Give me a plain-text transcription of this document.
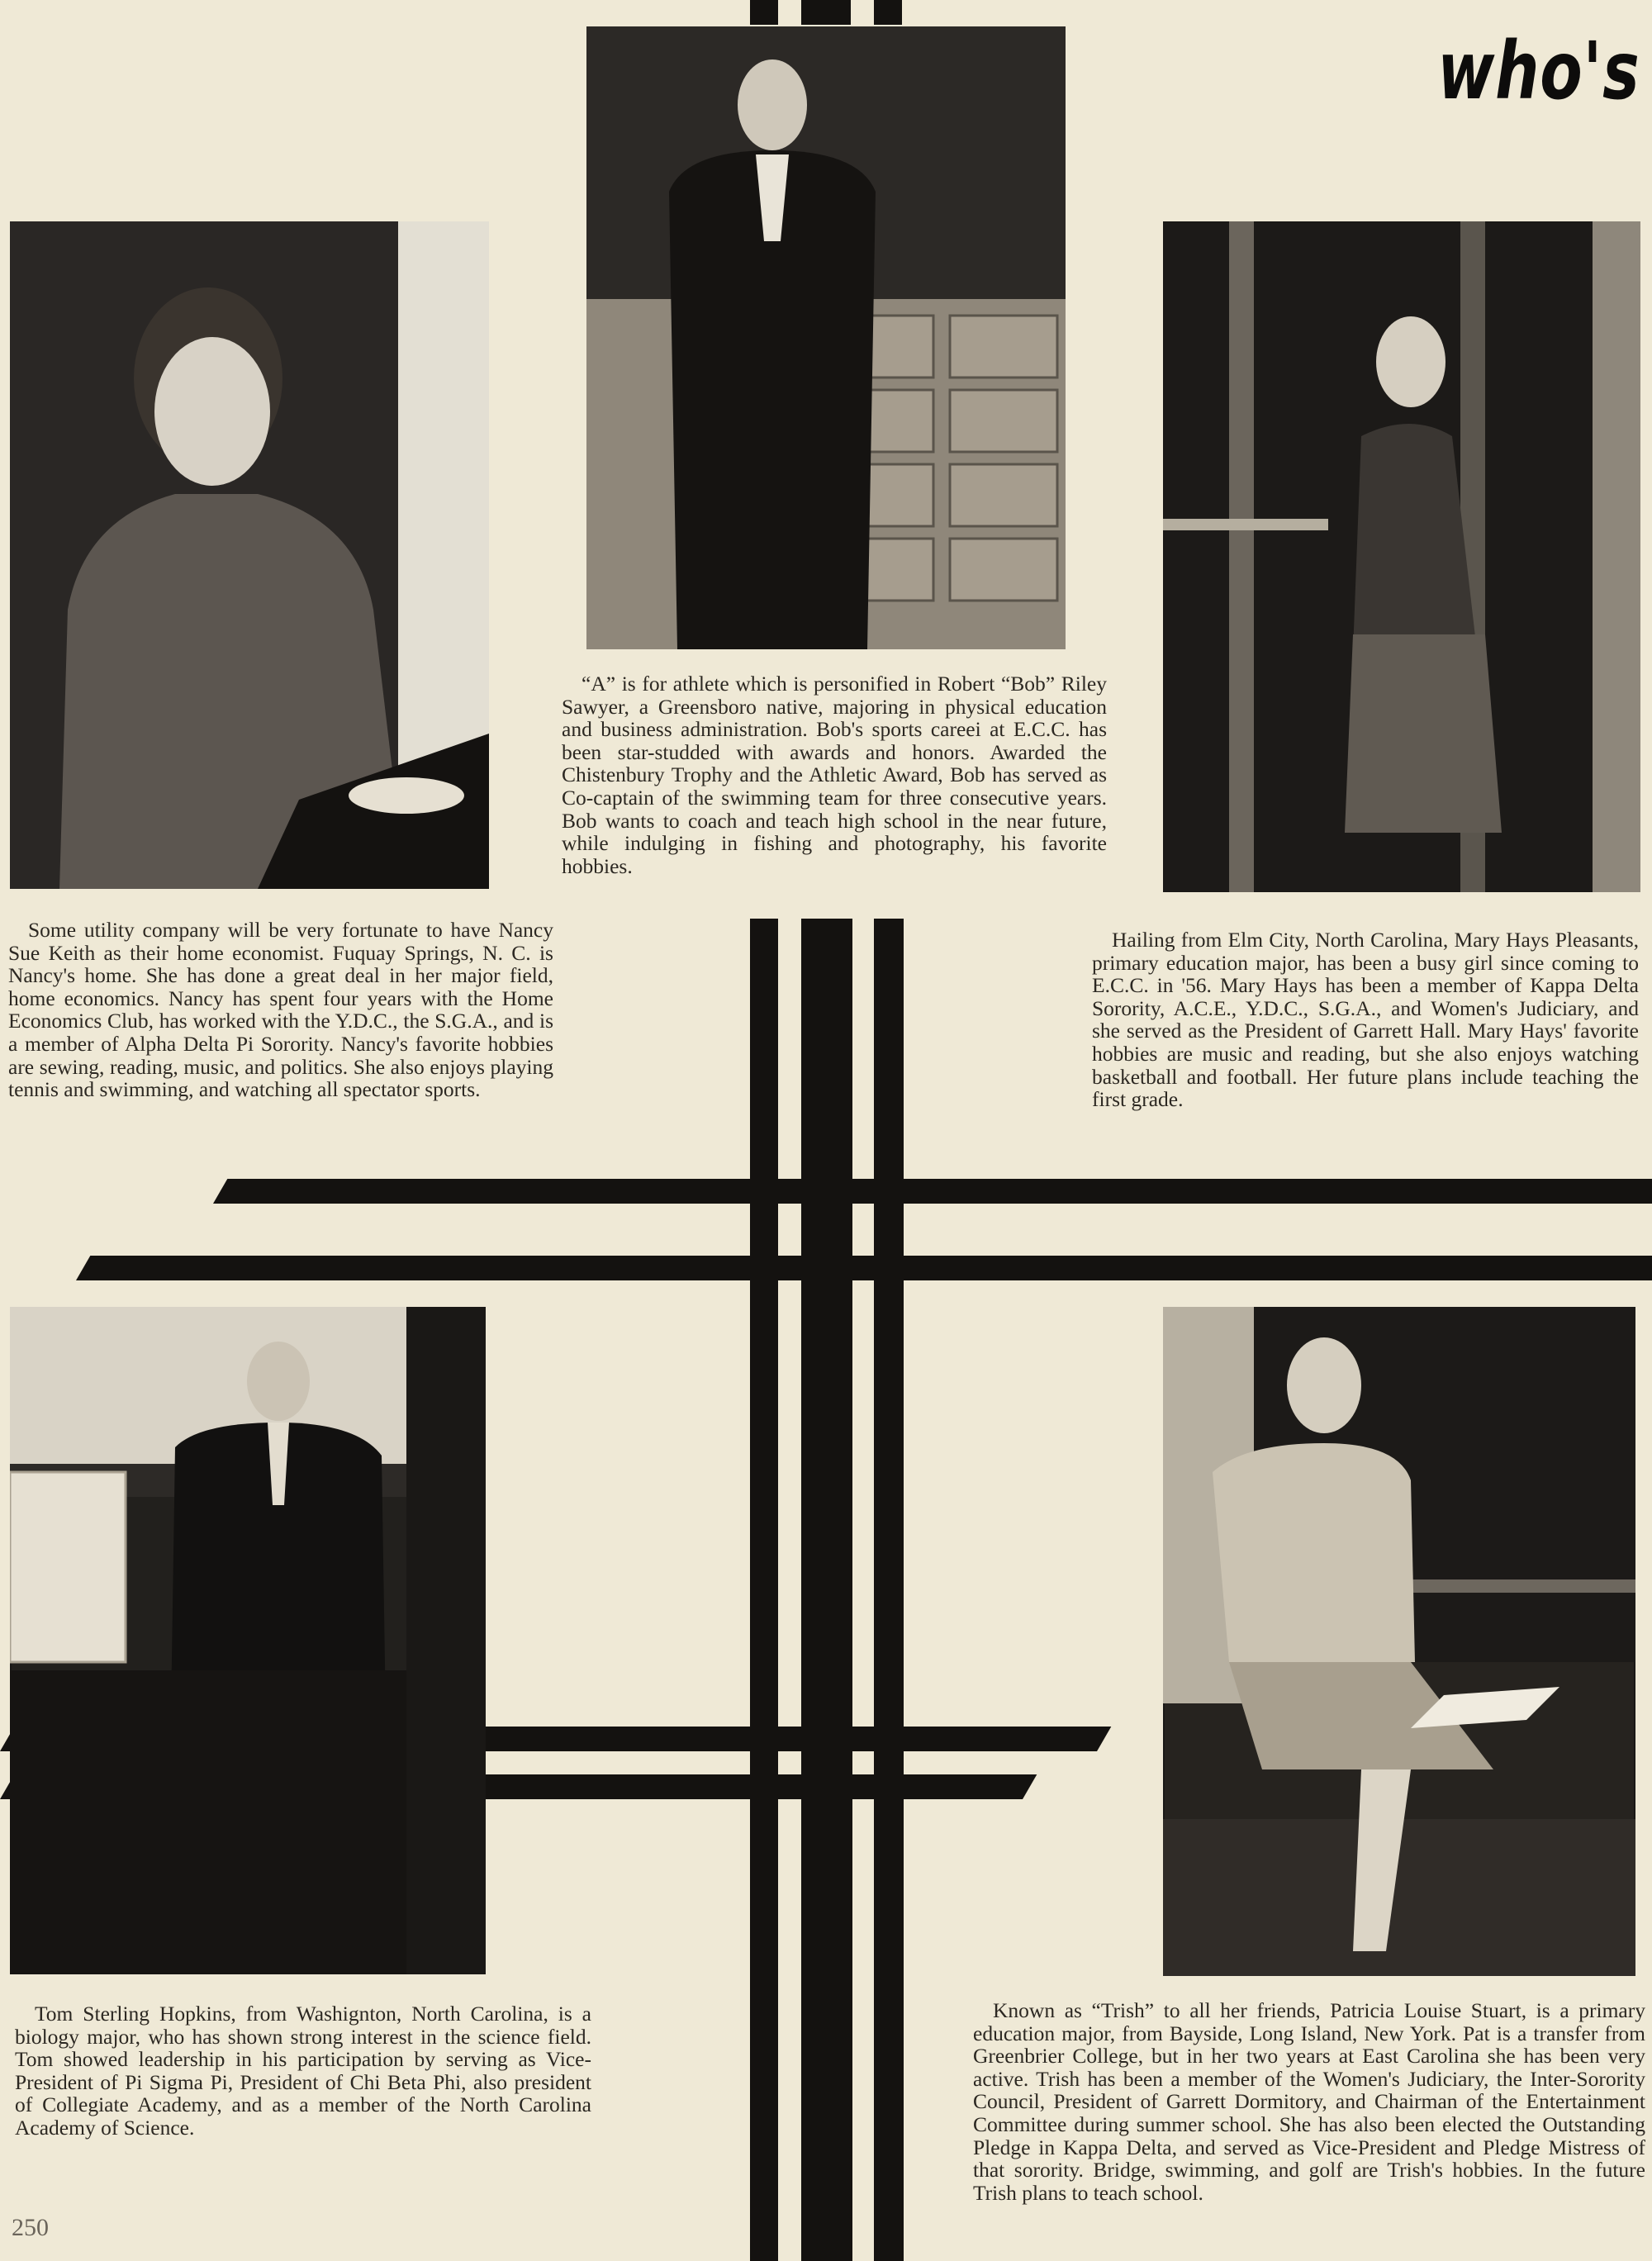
who's

Some utility company will be very fortunate to have Nancy Sue Keith as their home economist. Fuquay Springs, N. C. is Nancy's home. She has done a great deal in her major field, home economics. Nancy has spent four years with the Home Economics Club, has worked with the Y.D.C., the S.G.A., and is a member of Alpha Delta Pi Sorority. Nancy's favorite hobbies are sewing, reading, music, and politics. She also enjoys playing tennis and swimming, and watching all spectator sports.

“A” is for athlete which is personified in Robert “Bob” Riley Sawyer, a Greensboro native, majoring in physical education and business administration. Bob's sports careei at E.C.C. has been star-studded with awards and honors. Awarded the Chistenbury Trophy and the Athletic Award, Bob has served as Co-captain of the swimming team for three consecutive years. Bob wants to coach and teach high school in the near future, while indulging in fishing and photography, his favorite hobbies.

Hailing from Elm City, North Carolina, Mary Hays Pleasants, primary education major, has been a busy girl since coming to E.C.C. in '56. Mary Hays has been a member of Kappa Delta Sorority, A.C.E., Y.D.C., S.G.A., and Women's Judiciary, and she served as the President of Garrett Hall. Mary Hays' favorite hobbies are music and reading, but she also enjoys watching basketball and football. Her future plans include teaching the first grade.

Tom Sterling Hopkins, from Washignton, North Carolina, is a biology major, who has shown strong interest in the science field. Tom showed leadership in his participation by serving as Vice-President of Pi Sigma Pi, President of Chi Beta Phi, also president of Collegiate Academy, and as a member of the North Carolina Academy of Science.

Known as “Trish” to all her friends, Patricia Louise Stuart, is a primary education major, from Bayside, Long Island, New York. Pat is a transfer from Greenbrier College, but in her two years at East Carolina she has been very active. Trish has been a member of the Women's Judiciary, the Inter-Sorority Council, President of Garrett Dormitory, and Chairman of the Entertainment Committee during summer school. She has also been elected the Outstanding Pledge in Kappa Delta, and served as Vice-President and Pledge Mistress of that sorority. Bridge, swimming, and golf are Trish's hobbies. In the future Trish plans to teach school.

250
